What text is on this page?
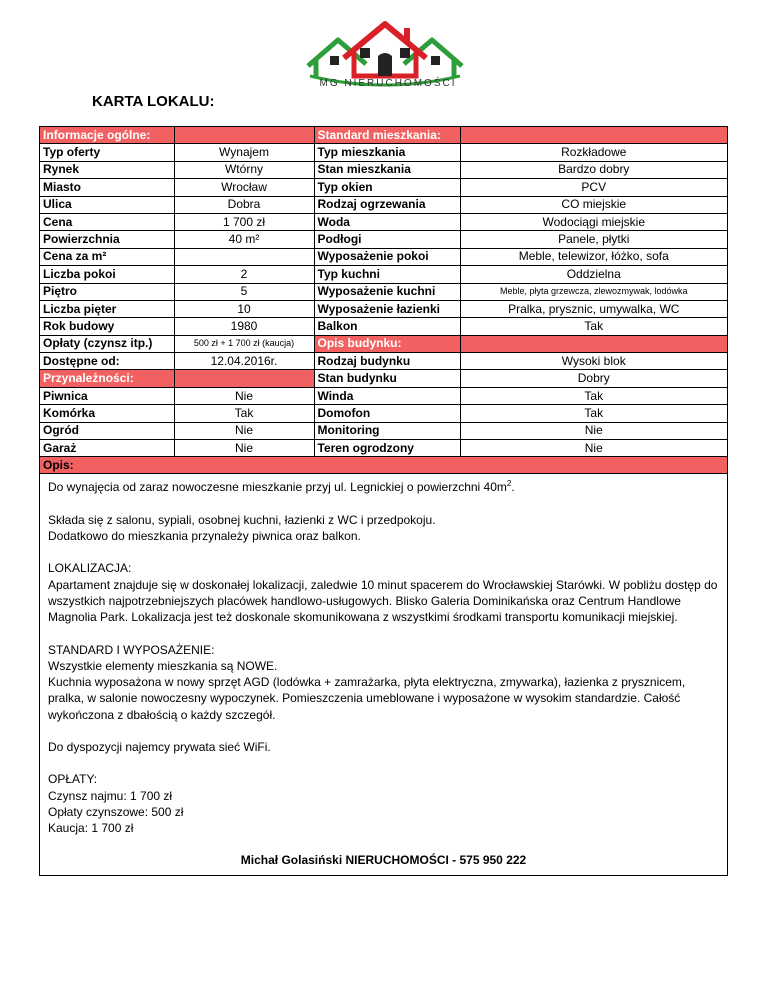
MG NIERUCHOMOŚCI
KARTA LOKALU:
Informacje ogólne:		Standard mieszkania:	
Typ oferty	Wynajem	Typ mieszkania	Rozkładowe
Rynek	Wtórny	Stan mieszkania	Bardzo dobry
Miasto	Wrocław	Typ okien	PCV
Ulica	Dobra	Rodzaj ogrzewania	CO miejskie
Cena	1 700 zł	Woda	Wodociągi miejskie
Powierzchnia	40 m²	Podłogi	Panele, płytki
Cena za m²		Wyposażenie pokoi	Meble, telewizor, łóżko, sofa
Liczba pokoi	2	Typ kuchni	Oddzielna
Piętro	5	Wyposażenie kuchni	Meble, płyta grzewcza, zlewozmywak, lodówka
Liczba pięter	10	Wyposażenie łazienki	Pralka, prysznic, umywalka, WC
Rok budowy	1980	Balkon	Tak
Opłaty (czynsz itp.)	500 zł + 1 700 zł (kaucja)	Opis budynku:	
Dostępne od:	12.04.2016r.	Rodzaj budynku	Wysoki blok
Przynależności:		Stan budynku	Dobry
Piwnica	Nie	Winda	Tak
Komórka	Tak	Domofon	Tak
Ogród	Nie	Monitoring	Nie
Garaż	Nie	Teren ogrodzony	Nie
Opis:

Do wynajęcia od zaraz nowoczesne mieszkanie przyj ul. Legnickiej o powierzchni $40m^2$.

Składa się z salonu, sypiali, osobnej kuchni, łazienki z WC i przedpokoju.
Dodatkowo do mieszkania przynależy piwnica oraz balkon.

LOKALIZACJA:
Apartament znajduje się w doskonałej lokalizacji, zaledwie 10 minut spacerem do Wrocławskiej Starówki. W pobliżu dostęp do wszystkich najpotrzebniejszych placówek handlowo-usługowych. Blisko Galeria Dominikańska oraz Centrum Handlowe Magnolia Park. Lokalizacja jest też doskonale skomunikowana z wszystkimi środkami transportu komunikacji miejskiej.

STANDARD I WYPOSAŻENIE:
Wszystkie elementy mieszkania są NOWE.
Kuchnia wyposażona w nowy sprzęt AGD (lodówka + zamrażarka, płyta elektryczna, zmywarka), łazienka z prysznicem, pralka, w salonie nowoczesny wypoczynek. Pomieszczenia umeblowane i wyposażone w wysokim standardzie. Całość wykończona z dbałością o każdy szczegół.

Do dyspozycji najemcy prywata sieć WiFi.

OPŁATY:
Czynsz najmu: 1 700 zł
Opłaty czynszowe: 500 zł
Kaucja: 1 700 zł

Michał Golasiński NIERUCHOMOŚCI - 575 950 222
